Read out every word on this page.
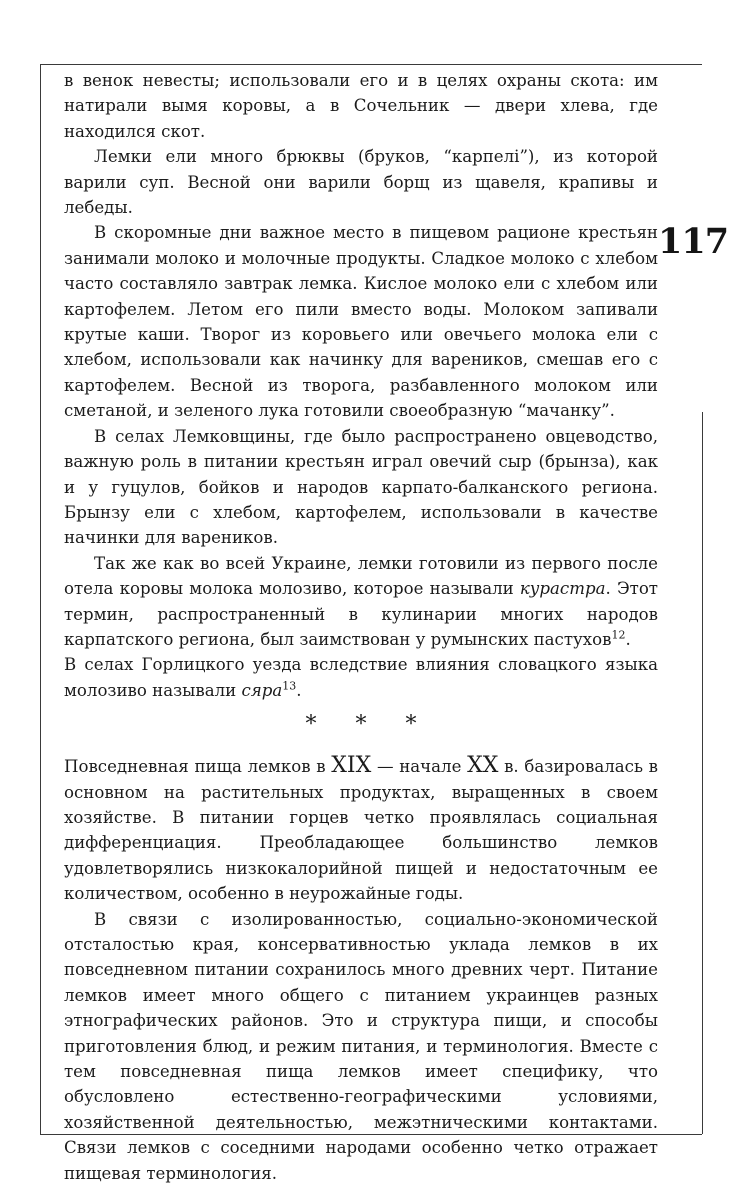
117

в венок невесты; использовали его и в целях охраны скота: им натирали вымя коровы, а в Сочельник — двери хлева, где находился скот.

Лемки ели много брюквы (бруков, “карпелі”), из которой варили суп. Весной они варили борщ из щавеля, крапивы и лебеды.

В скоромные дни важное место в пищевом рационе крестьян занимали молоко и молочные продукты. Сладкое молоко с хлебом часто составляло завтрак лемка. Кислое молоко ели с хлебом или картофелем. Летом его пили вместо воды. Молоком запивали крутые каши. Творог из коровьего или овечьего молока ели с хлебом, использовали как начинку для вареников, смешав его с картофелем. Весной из творога, разбавленного молоком или сметаной, и зеленого лука готовили своеобразную “мачанку”.

В селах Лемковщины, где было распространено овцеводство, важную роль в питании крестьян играл овечий сыр (брынза), как и у гуцулов, бойков и народов карпато-балканского региона. Брынзу ели с хлебом, картофелем, использовали в качестве начинки для вареников.

Так же как во всей Украине, лемки готовили из первого после отела коровы молока молозиво, которое называли курастра. Этот термин, распространенный в кулинарии многих народов карпатского региона, был заимствован у румынских пастухов$^{12}$.

В селах Горлицкого уезда вследствие влияния словацкого языка молозиво называли сяра$^{13}$.

* * *

Повседневная пища лемков в XIX — начале XX в. базировалась в основном на растительных продуктах, выращенных в своем хозяйстве. В питании горцев четко проявлялась социальная дифференциация. Преобладающее большинство лемков удовлетворялись низкокалорийной пищей и недостаточным ее количеством, особенно в неурожайные годы.

В связи с изолированностью, социально-экономической отсталостью края, консервативностью уклада лемков в их повседневном питании сохранилось много древних черт. Питание лемков имеет много общего с питанием украинцев разных этнографических районов. Это и структура пищи, и способы приготовления блюд, и режим питания, и терминология. Вместе с тем повседневная пища лемков имеет специфику, что обусловлено естественно-географическими условиями, хозяйственной деятельностью, межэтническими контактами. Связи лемков с соседними народами особенно четко отражает пищевая терминология.
